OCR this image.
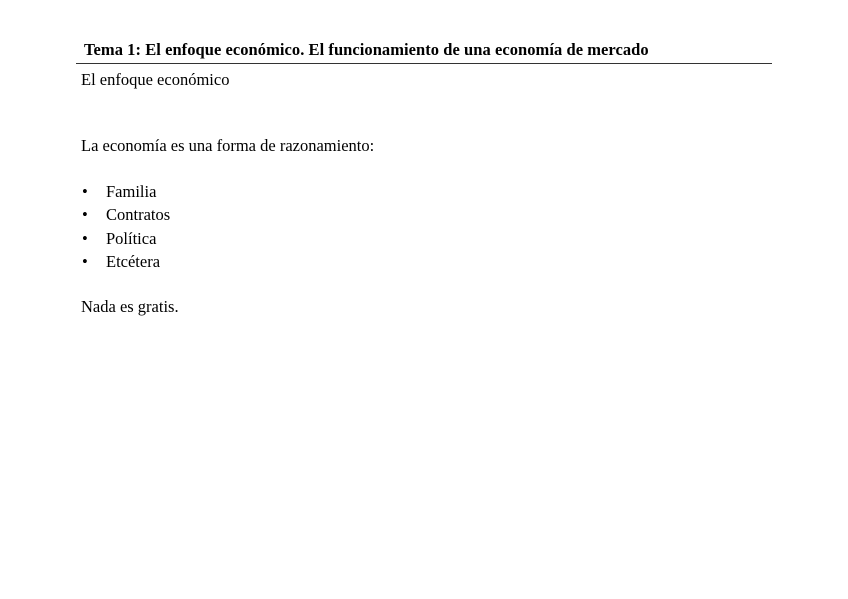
Tema 1: El enfoque económico. El funcionamiento de una economía de mercado
El enfoque económico
La economía es una forma de razonamiento:
• Familia
• Contratos
• Política
• Etcétera
Nada es gratis.
